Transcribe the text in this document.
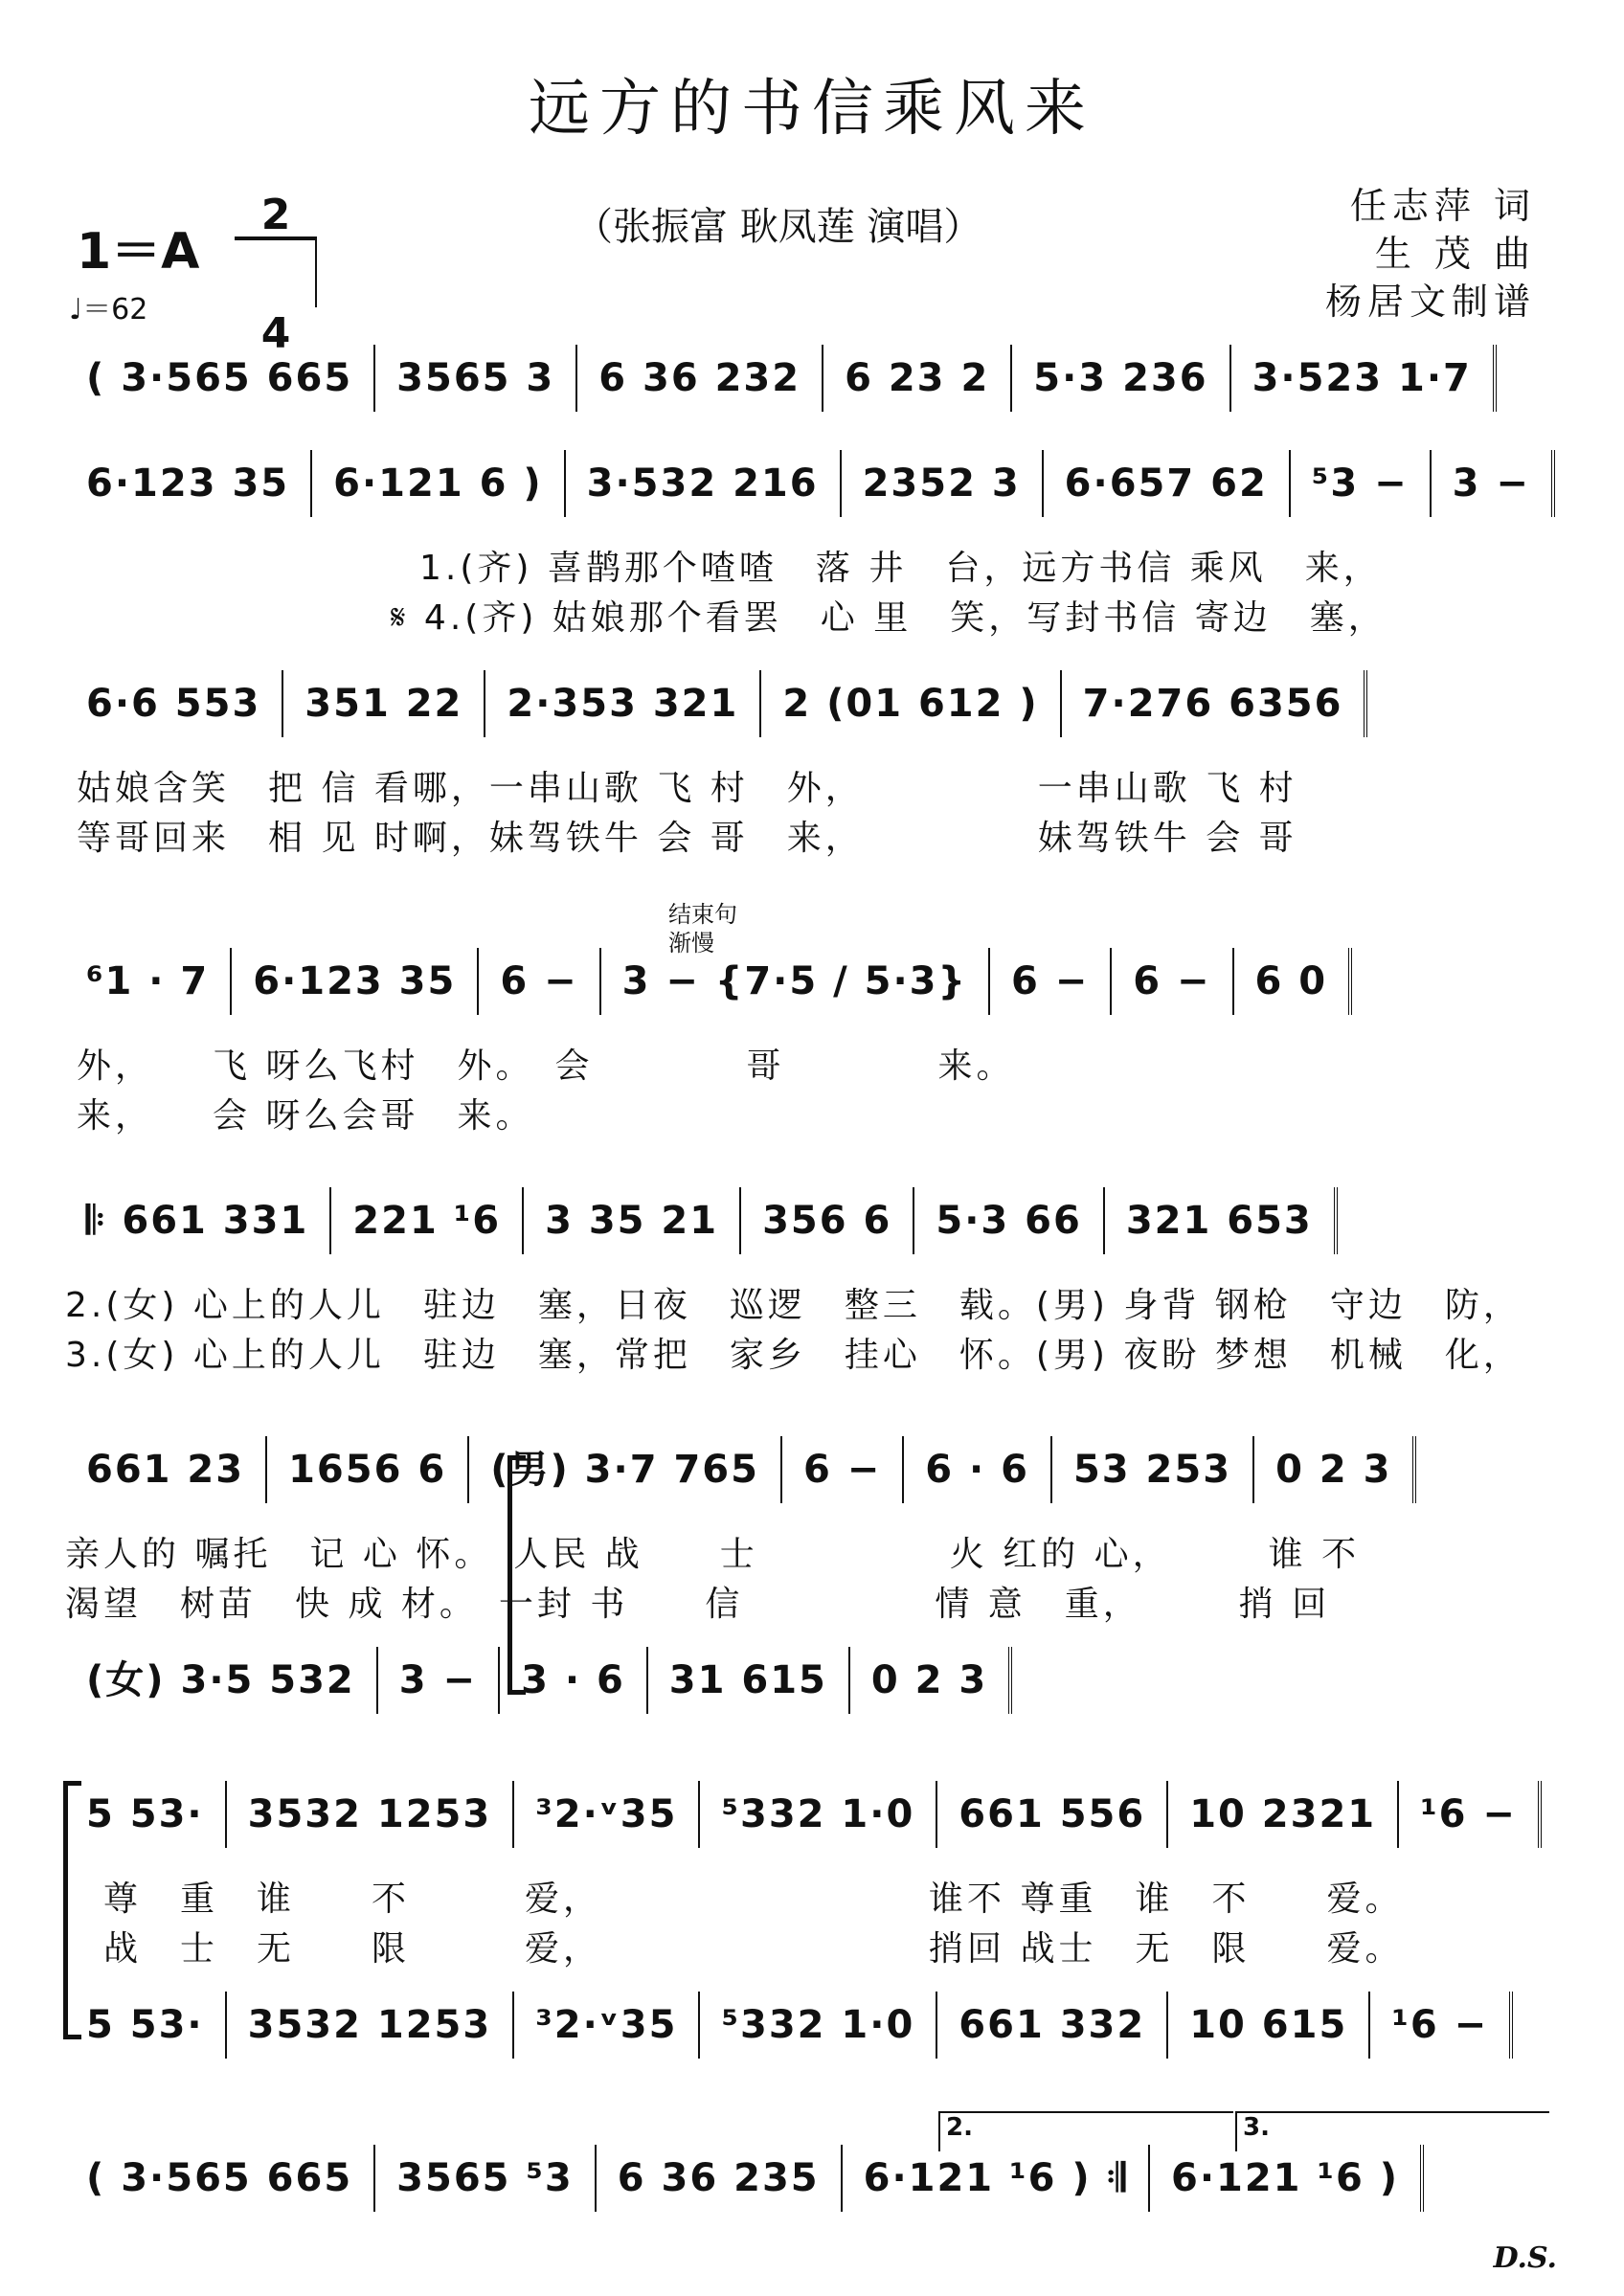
远方的书信乘风来
1＝A
2
4
♩＝62
（张振富 耿凤莲 演唱）	任志萍 词
生 茂 曲
杨居文制谱
( 3·565 665	3565 3	6 36 232	6 23 2	5·3 236	3·523 1·7
6·123 35	6·121 6 )	3·532 216	2352 3	6·657 62	⁵3 −	3 −
1.(齐) 喜鹊那个喳喳　落 井　台，远方书信 乘风　来，
𝄋 4.(齐) 姑娘那个看罢　心 里　笑，写封书信 寄边　塞，
6·6 553	351 22	2·353 321	2 (01 612 )	7·276 6356
姑娘含笑　把 信 看哪，一串山歌 飞 村　外，　　　　　一串山歌 飞 村
等哥回来　相 见 时啊，妹驾铁牛 会 哥　来，　　　　　妹驾铁牛 会 哥
⁶1 · 7	6·123 35	6 −	3 − {7·5 / 5·3}	6 −	6 −	6 0
外，　　飞 呀么飞村　外。　会　　　　哥　　　　来。
来，　　会 呀么会哥　来。
𝄆 661 331	221 ¹6	3 35 21	356 6	5·3 66	321 653
2.(女) 心上的人儿　驻边　塞，日夜　巡逻　整三　载。(男) 身背 钢枪　守边　防，
3.(女) 心上的人儿　驻边　塞，常把　家乡　挂心　怀。(男) 夜盼 梦想　机械　化，
661 23	1656 6	(男) 3·7 765	6 −	6 · 6	53 253	0 2 3
亲人的 嘱托　记 心 怀。　人民 战　　士　　　　　火 红的 心，　　　谁 不
渴望　树苗　快 成 材。　一封 书　　信　　　　　情 意　重，　　　捎 回
(女) 3·5 532	3 −	3 · 6	31 615	0 2 3
5 53·	3532 1253	³2·ᵛ35	⁵332 1·0	661 556	10 2321	¹6 −
尊　重　谁　　不　　　爱，　　　　　　　　　谁不 尊重　谁　不　　爱。
战　士　无　　限　　　爱，　　　　　　　　　捎回 战士　无　限　　爱。
5 53·	3532 1253	³2·ᵛ35	⁵332 1·0	661 332	10 615	¹6 −
( 3·565 665	3565 ⁵3	6 36 235	6·121 ¹6 ) 𝄇	6·121 ¹6 )
结束句
渐慢
2.	3.
D.S.
